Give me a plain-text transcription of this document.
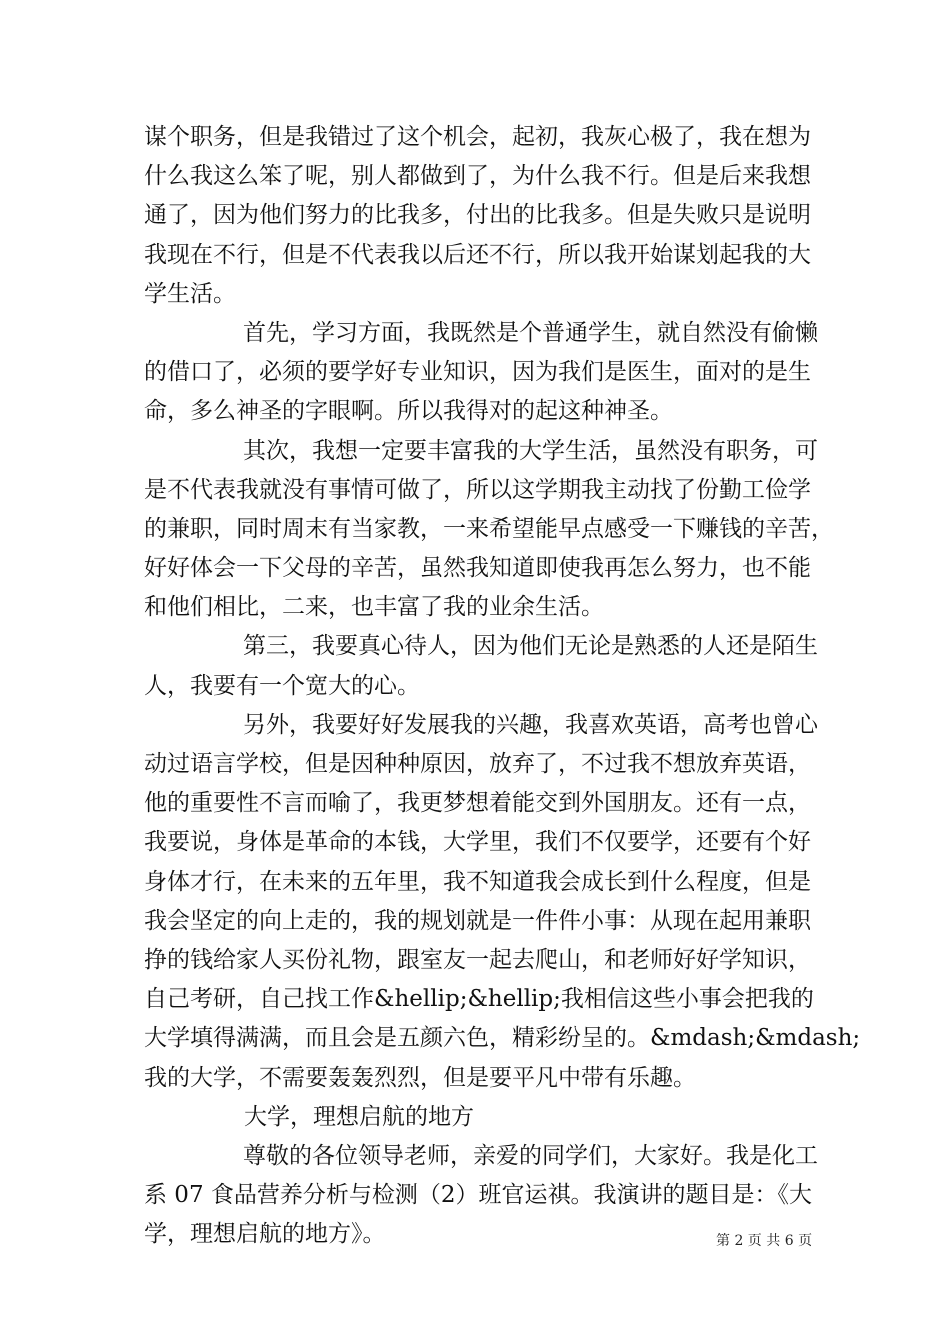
谋个职务，但是我错过了这个机会，起初，我灰心极了，我在想为
什么我这么笨了呢，别人都做到了，为什么我不行。但是后来我想
通了，因为他们努力的比我多，付出的比我多。但是失败只是说明
我现在不行，但是不代表我以后还不行，所以我开始谋划起我的大
学生活。
首先，学习方面，我既然是个普通学生，就自然没有偷懒
的借口了，必须的要学好专业知识，因为我们是医生，面对的是生
命，多么神圣的字眼啊。所以我得对的起这种神圣。
其次，我想一定要丰富我的大学生活，虽然没有职务，可
是不代表我就没有事情可做了，所以这学期我主动找了份勤工俭学
的兼职，同时周末有当家教，一来希望能早点感受一下赚钱的辛苦，
好好体会一下父母的辛苦，虽然我知道即使我再怎么努力，也不能
和他们相比，二来，也丰富了我的业余生活。
第三，我要真心待人，因为他们无论是熟悉的人还是陌生
人，我要有一个宽大的心。
另外，我要好好发展我的兴趣，我喜欢英语，高考也曾心
动过语言学校，但是因种种原因，放弃了，不过我不想放弃英语，
他的重要性不言而喻了，我更梦想着能交到外国朋友。还有一点，
我要说，身体是革命的本钱，大学里，我们不仅要学，还要有个好
身体才行，在未来的五年里，我不知道我会成长到什么程度，但是
我会坚定的向上走的，我的规划就是一件件小事：从现在起用兼职
挣的钱给家人买份礼物，跟室友一起去爬山，和老师好好学知识，
自己考研，自己找工作&hellip;&hellip;我相信这些小事会把我的
大学填得满满，而且会是五颜六色，精彩纷呈的。&mdash;&mdash;
我的大学，不需要轰轰烈烈，但是要平凡中带有乐趣。
大学，理想启航的地方
尊敬的各位领导老师，亲爱的同学们，大家好。我是化工
系 07 食品营养分析与检测（2）班官运祺。我演讲的题目是：《大
学，理想启航的地方》。	第 2 页 共 6 页
